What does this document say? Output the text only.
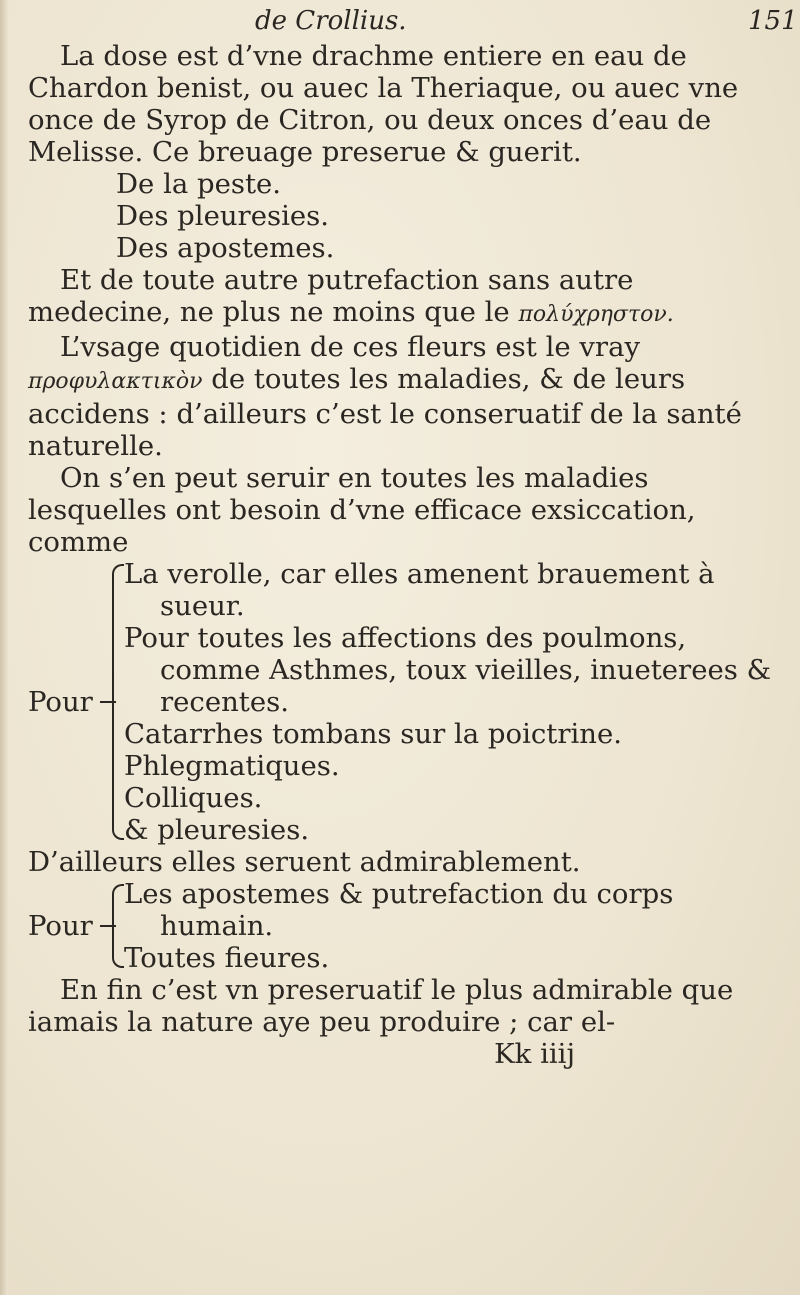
de Crollius.	151

La dose est d’vne drachme entiere en eau de Chardon benist, ou auec la Theriaque, ou auec vne once de Syrop de Citron, ou deux onces d’eau de Melisse. Ce breuage preserue & guerit.

De la peste.

Des pleuresies.

Des apostemes.

Et de toute autre putrefaction sans autre medecine, ne plus ne moins que le πολύχρηστον.

L’vsage quotidien de ces fleurs est le vray προφυλακτικὸν de toutes les maladies, & de leurs accidens : d’ailleurs c’est le conseruatif de la santé naturelle.

On s’en peut seruir en toutes les maladies lesquelles ont besoin d’vne efficace exsiccation, comme

Pour

La verolle, car elles amenent brauement à sueur.

Pour toutes les affections des poulmons, comme Asthmes, toux vieilles, inueterees & recentes.

Catarrhes tombans sur la poictrine.

Phlegmatiques.

Colliques.

& pleuresies.

D’ailleurs elles seruent admirablement.

Pour

Les apostemes & putrefaction du corps humain.

Toutes fieures.

En fin c’est vn preseruatif le plus admirable que iamais la nature aye peu produire ; car el-

Kk iiij
